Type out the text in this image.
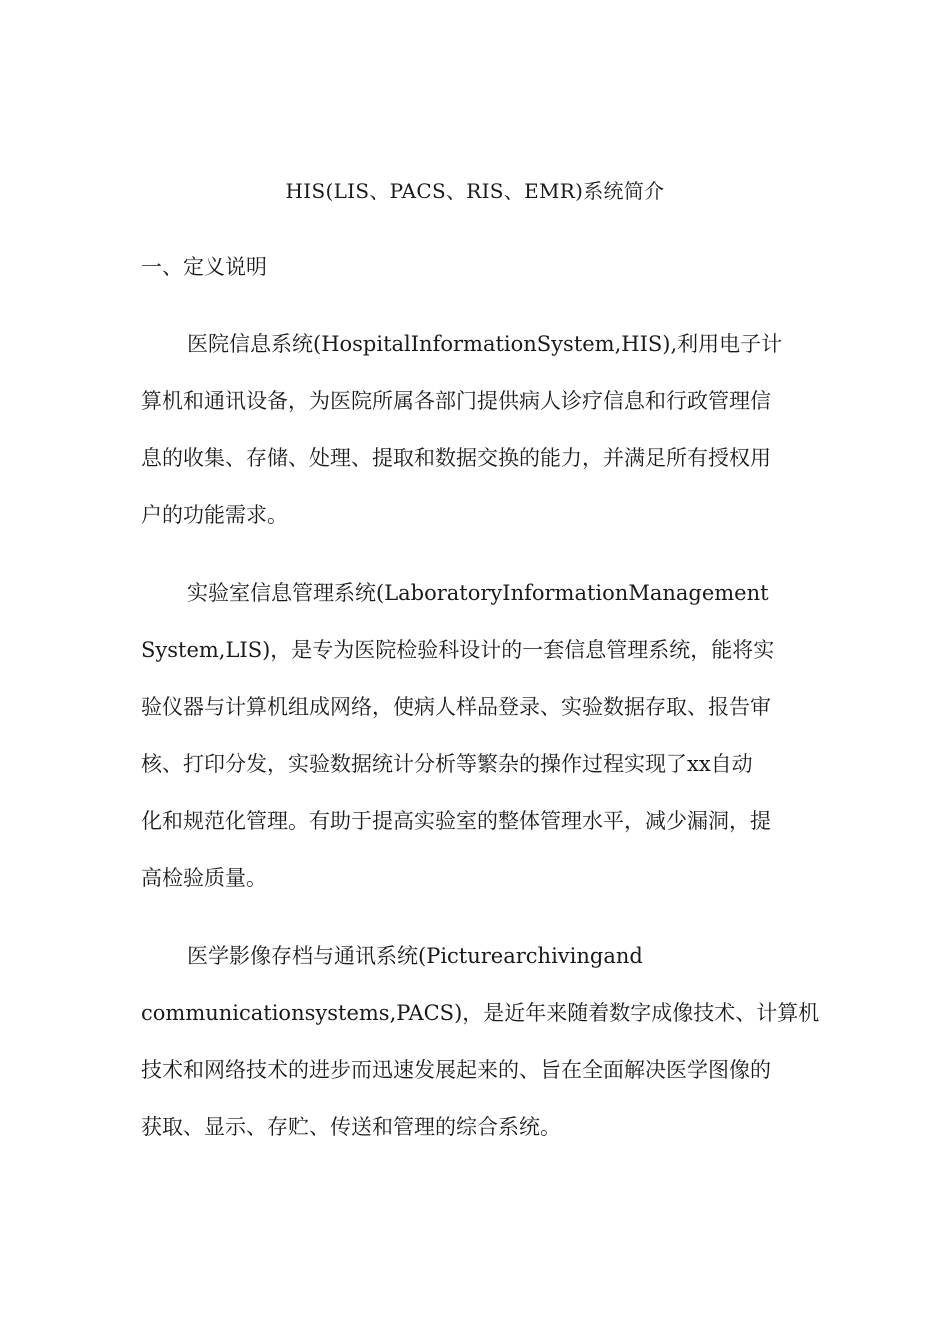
HIS(LIS、PACS、RIS、EMR)系统简介
一、定义说明
医院信息系统(HospitalInformationSystem,HIS),利用电子计
算机和通讯设备，为医院所属各部门提供病人诊疗信息和行政管理信
息的收集、存储、处理、提取和数据交换的能力，并满足所有授权用
户的功能需求。
实验室信息管理系统(LaboratoryInformationManagement
System,LIS)，是专为医院检验科设计的一套信息管理系统，能将实
验仪器与计算机组成网络，使病人样品登录、实验数据存取、报告审
核、打印分发，实验数据统计分析等繁杂的操作过程实现了xx自动
化和规范化管理。有助于提高实验室的整体管理水平，减少漏洞，提
高检验质量。
医学影像存档与通讯系统(Picturearchivingand
communicationsystems,PACS)，是近年来随着数字成像技术、计算机
技术和网络技术的进步而迅速发展起来的、旨在全面解决医学图像的
获取、显示、存贮、传送和管理的综合系统。
